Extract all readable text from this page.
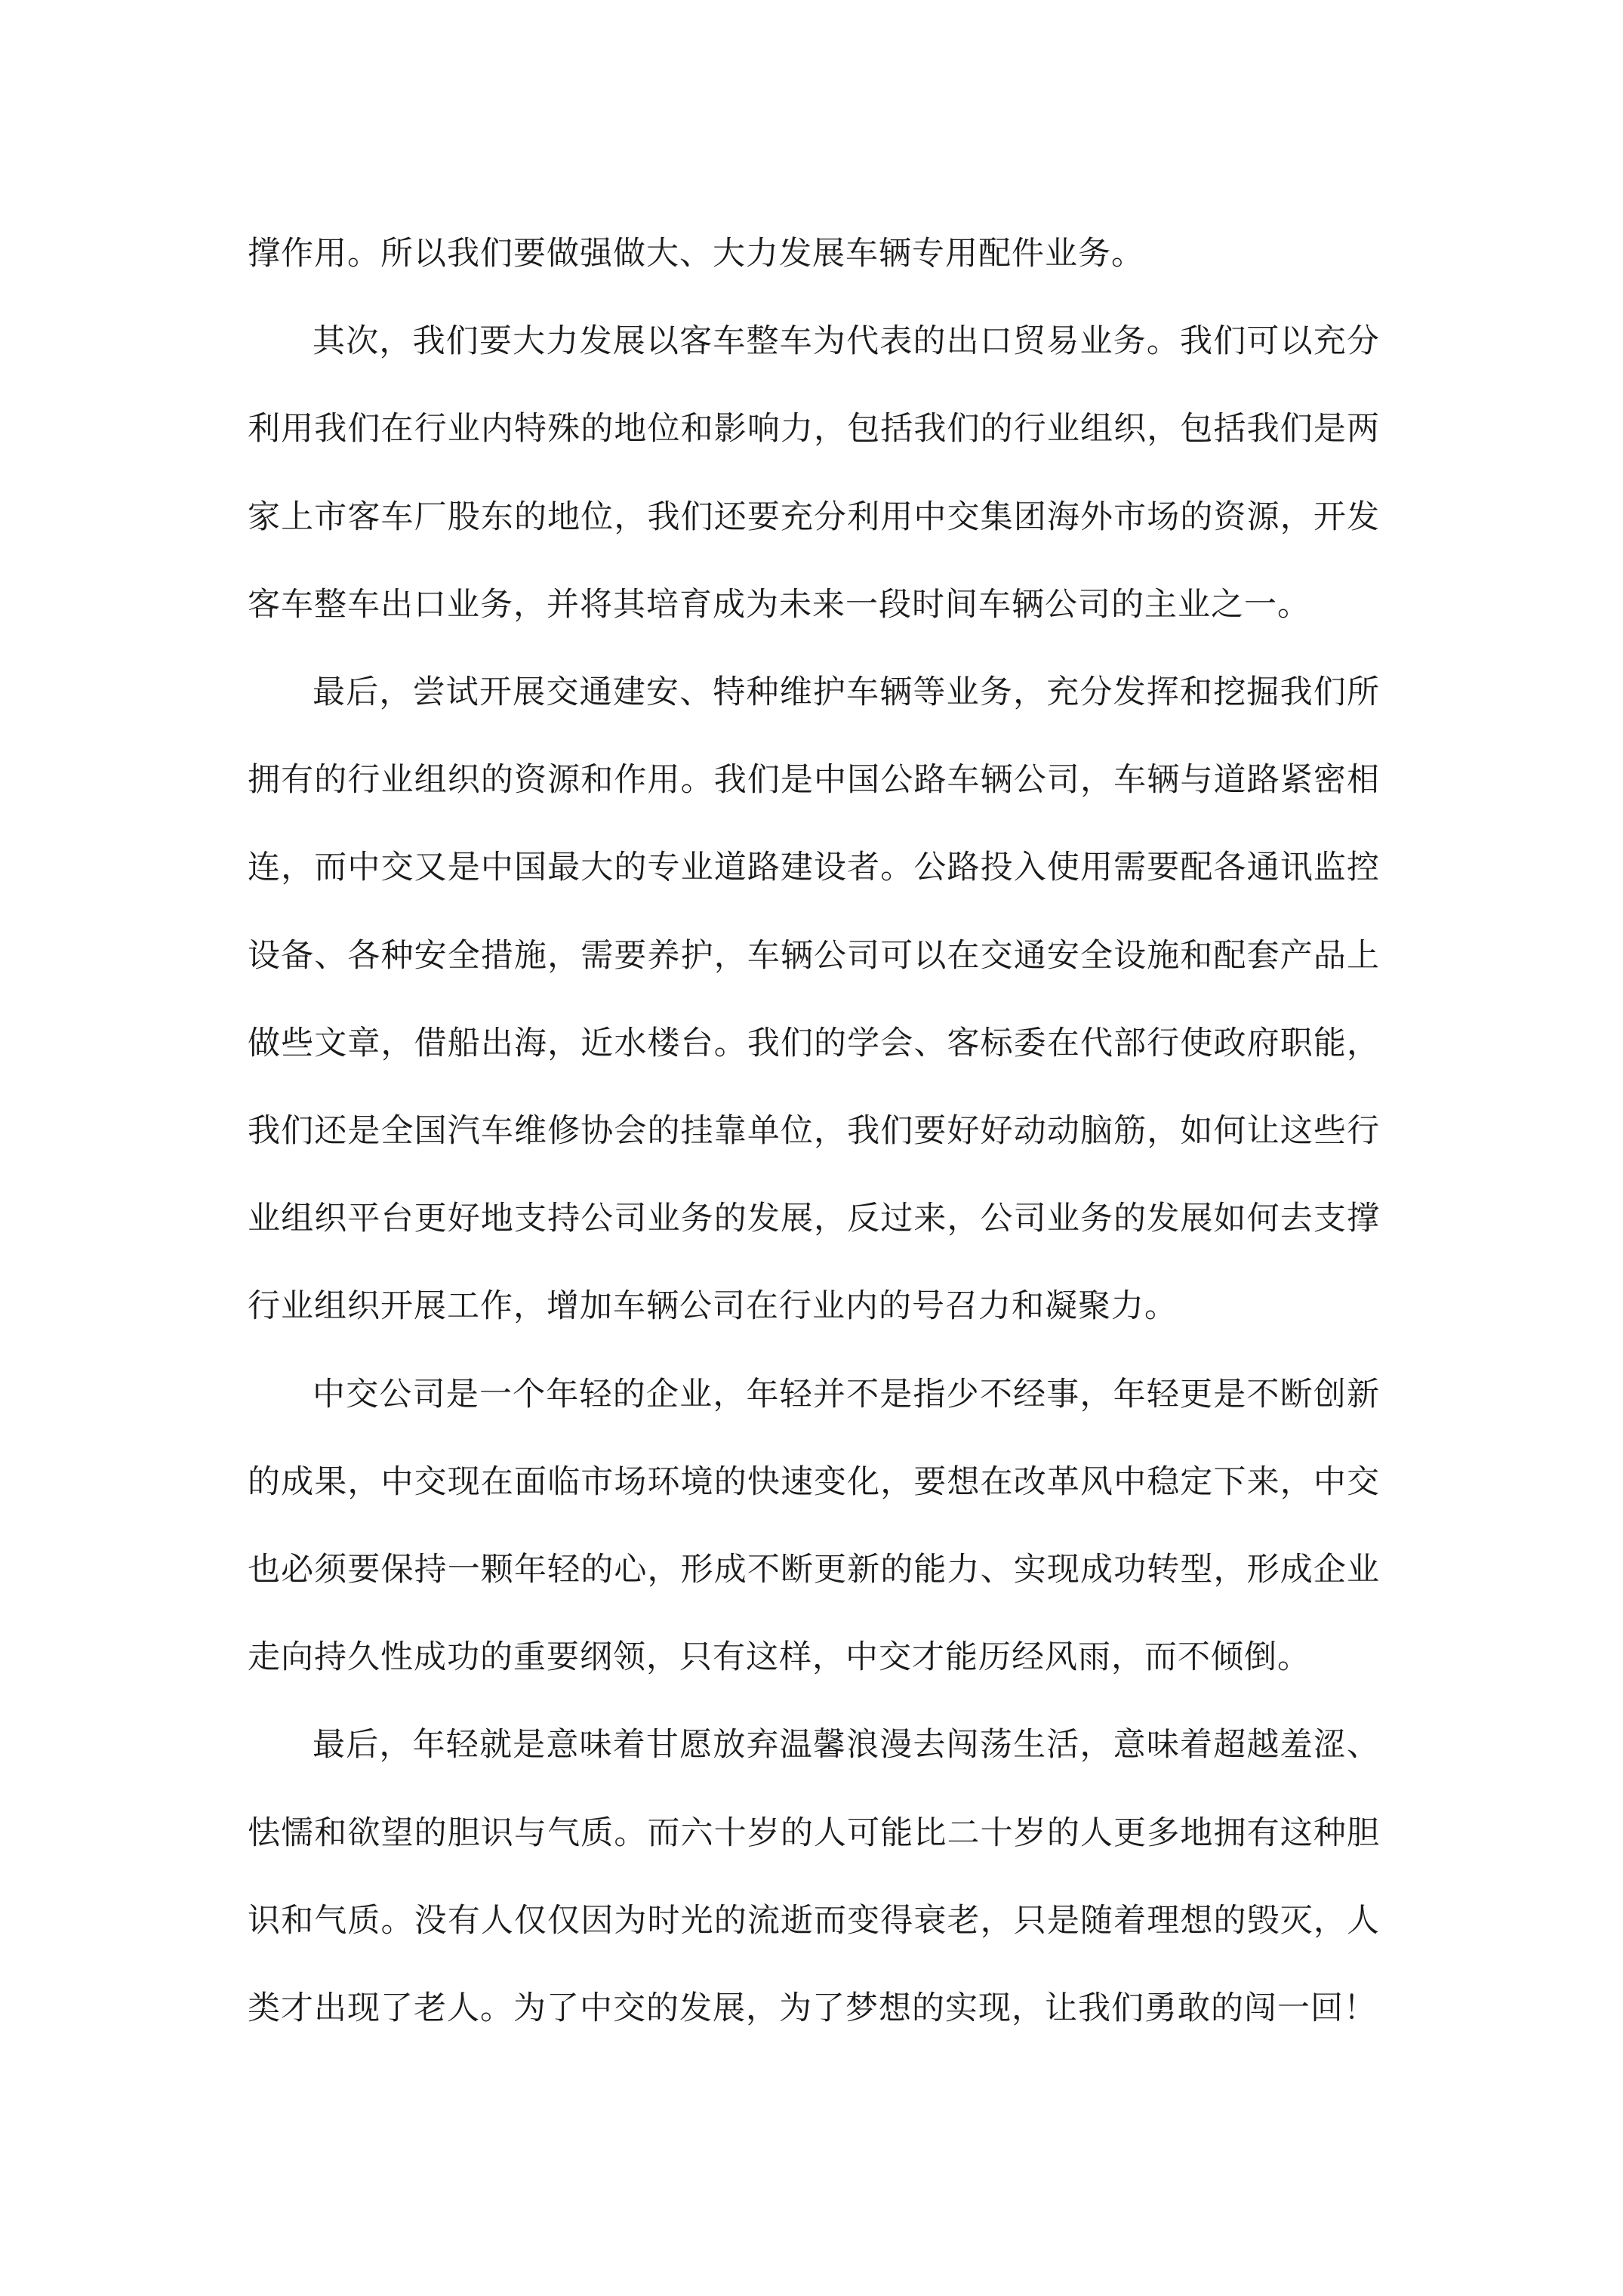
撑作用。所以我们要做强做大、大力发展车辆专用配件业务。

其次，我们要大力发展以客车整车为代表的出口贸易业务。我们可以充分利用我们在行业内特殊的地位和影响力，包括我们的行业组织，包括我们是两家上市客车厂股东的地位，我们还要充分利用中交集团海外市场的资源，开发客车整车出口业务，并将其培育成为未来一段时间车辆公司的主业之一。

最后，尝试开展交通建安、特种维护车辆等业务，充分发挥和挖掘我们所拥有的行业组织的资源和作用。我们是中国公路车辆公司，车辆与道路紧密相连，而中交又是中国最大的专业道路建设者。公路投入使用需要配各通讯监控设备、各种安全措施，需要养护，车辆公司可以在交通安全设施和配套产品上做些文章，借船出海，近水楼台。我们的学会、客标委在代部行使政府职能，我们还是全国汽车维修协会的挂靠单位，我们要好好动动脑筋，如何让这些行业组织平台更好地支持公司业务的发展，反过来，公司业务的发展如何去支撑行业组织开展工作，增加车辆公司在行业内的号召力和凝聚力。

中交公司是一个年轻的企业，年轻并不是指少不经事，年轻更是不断创新的成果，中交现在面临市场环境的快速变化，要想在改革风中稳定下来，中交也必须要保持一颗年轻的心，形成不断更新的能力、实现成功转型，形成企业走向持久性成功的重要纲领，只有这样，中交才能历经风雨，而不倾倒。

最后，年轻就是意味着甘愿放弃温馨浪漫去闯荡生活，意味着超越羞涩、怯懦和欲望的胆识与气质。而六十岁的人可能比二十岁的人更多地拥有这种胆识和气质。没有人仅仅因为时光的流逝而变得衰老，只是随着理想的毁灭，人类才出现了老人。为了中交的发展，为了梦想的实现，让我们勇敢的闯一回！
